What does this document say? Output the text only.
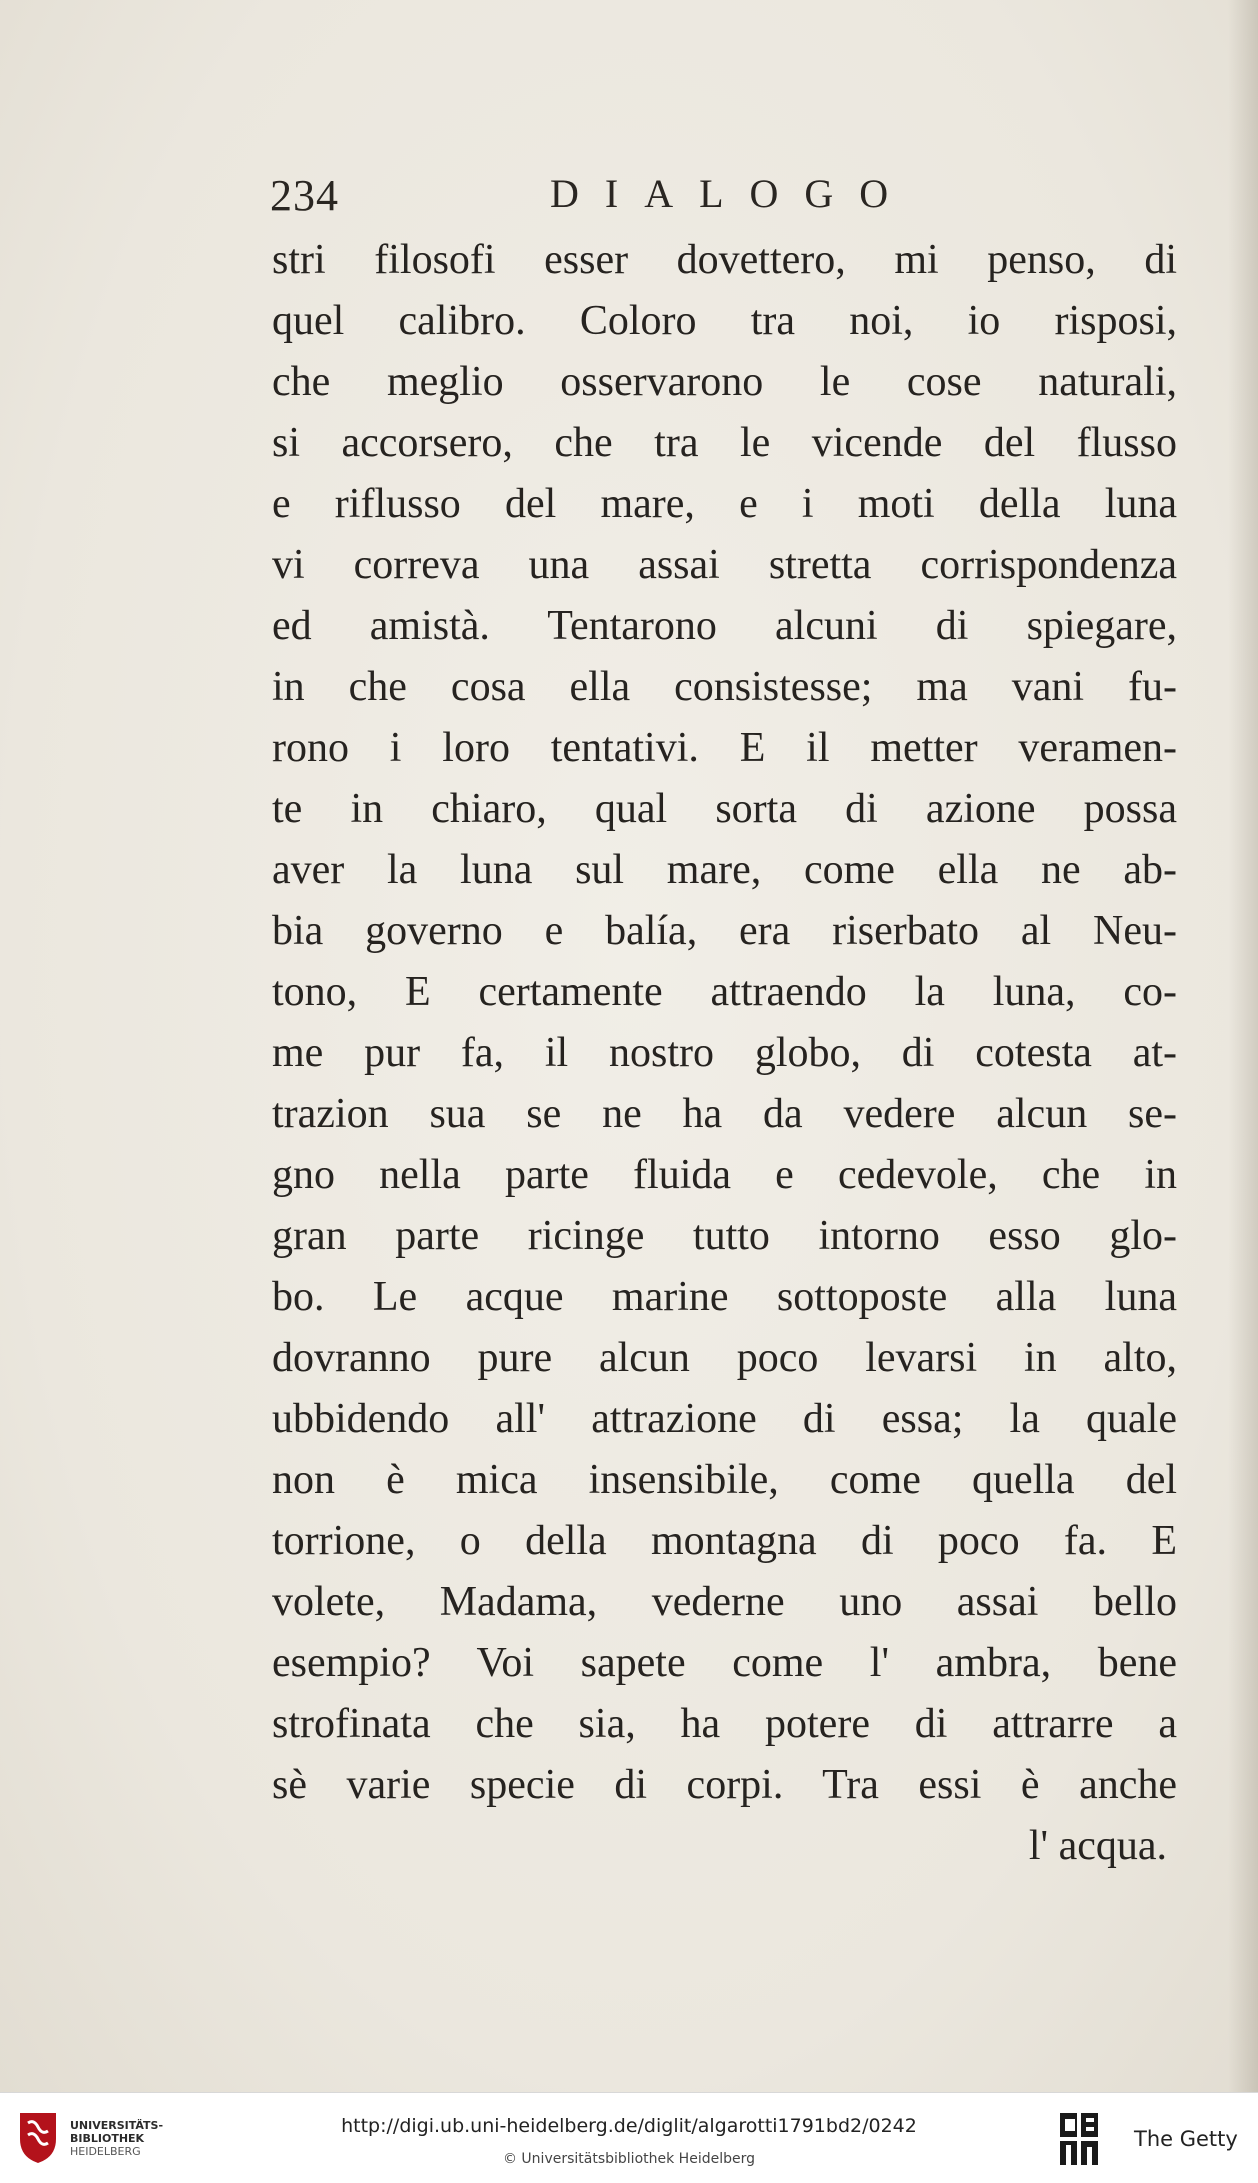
234	DIALOGO
stri filosofi esser dovettero, mi penso, di
quel calibro. Coloro tra noi, io risposi,
che meglio osservarono le cose naturali,
si accorsero, che tra le vicende del flusso
e riflusso del mare, e i moti della luna
vi correva una assai stretta corrispondenza
ed amistà. Tentarono alcuni di spiegare,
in che cosa ella consistesse; ma vani fu-
rono i loro tentativi. E il metter veramen-
te in chiaro, qual sorta di azione possa
aver la luna sul mare, come ella ne ab-
bia governo e balía, era riserbato al Neu-
tono, E certamente attraendo la luna, co-
me pur fa, il nostro globo, di cotesta at-
trazion sua se ne ha da vedere alcun se-
gno nella parte fluida e cedevole, che in
gran parte ricinge tutto intorno esso glo-
bo. Le acque marine sottoposte alla luna
dovranno pure alcun poco levarsi in alto,
ubbidendo all' attrazione di essa; la quale
non è mica insensibile, come quella del
torrione, o della montagna di poco fa. E
volete, Madama, vederne uno assai bello
esempio? Voi sapete come l' ambra, bene
strofinata che sia, ha potere di attrarre a
sè varie specie di corpi. Tra essi è anche
l' acqua.
UNIVERSITÄTS-
BIBLIOTHEK
HEIDELBERG
http://digi.ub.uni-heidelberg.de/diglit/algarotti1791bd2/0242
© Universitätsbibliothek Heidelberg
The Getty
